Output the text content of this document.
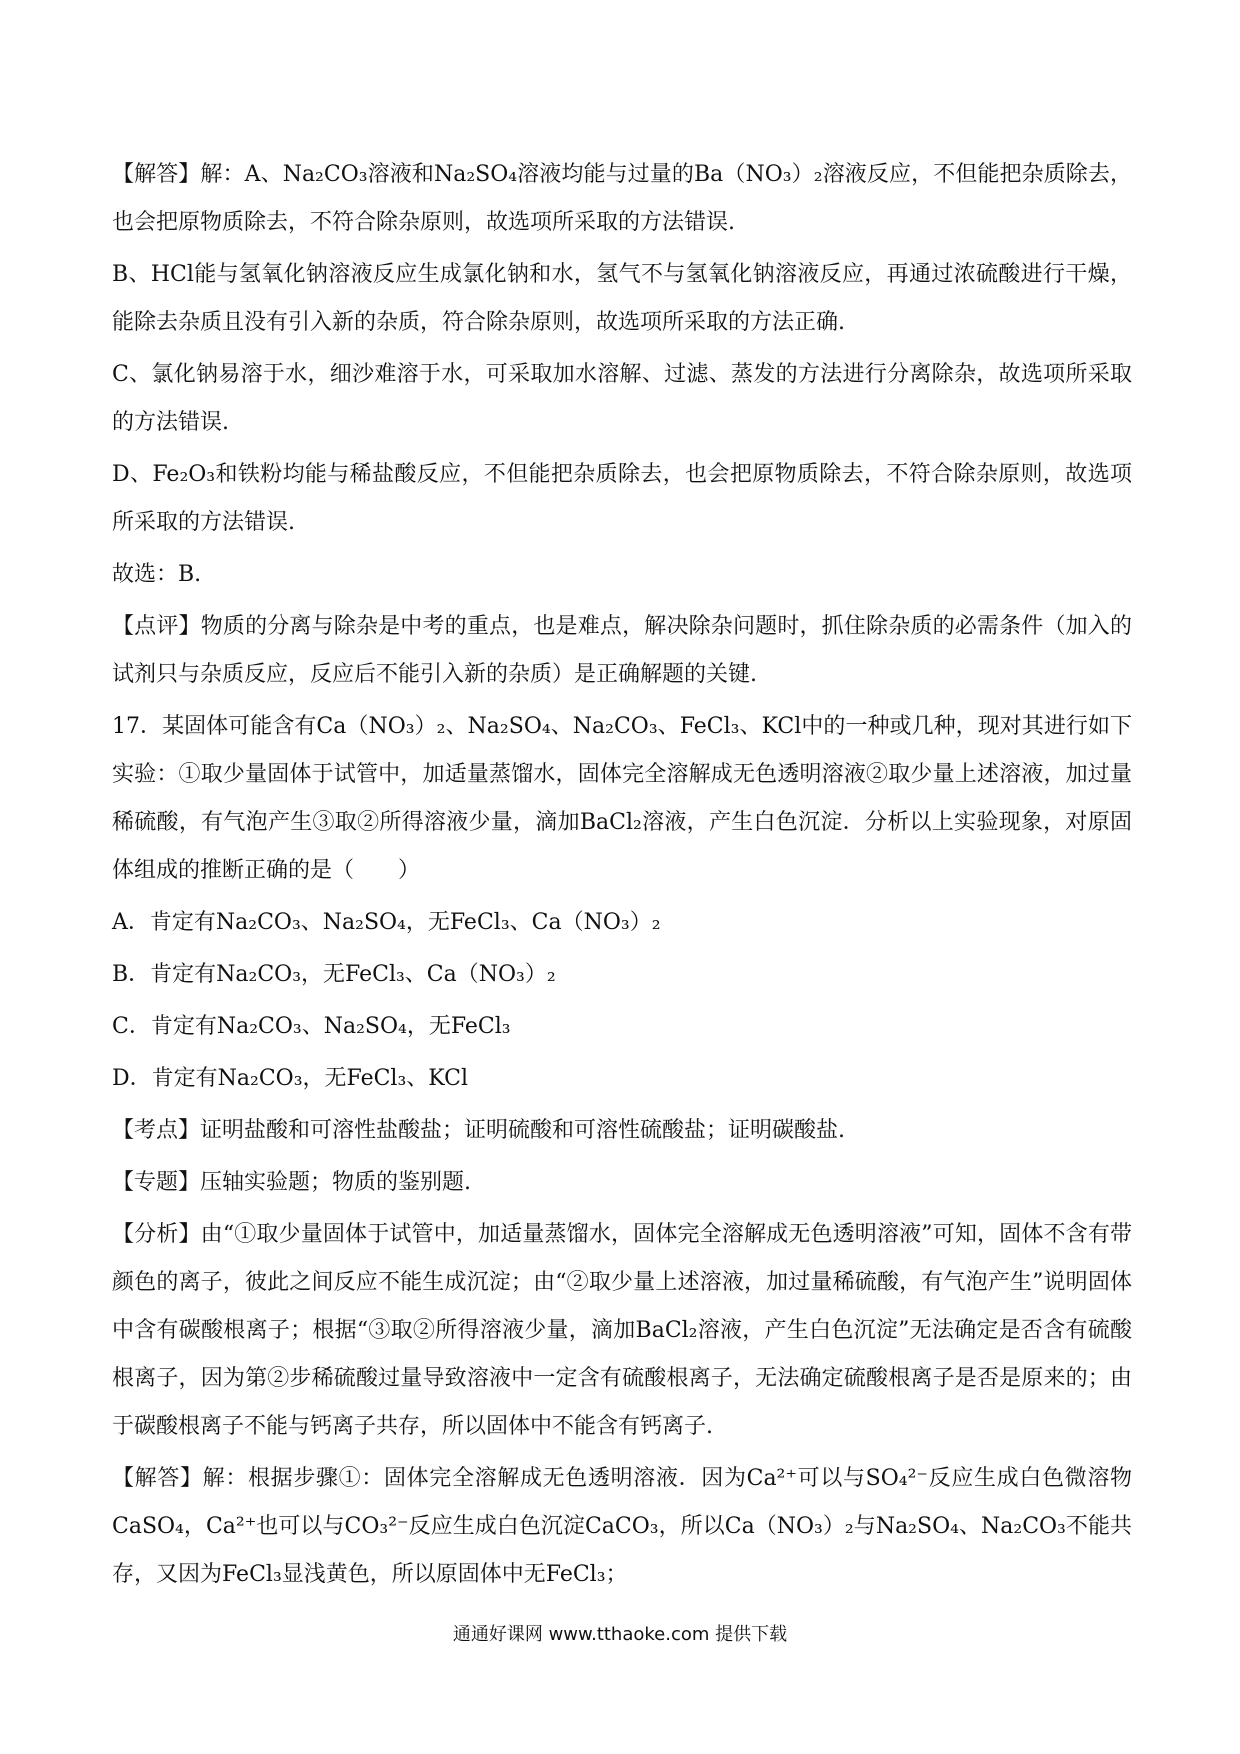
【解答】解：A、Na₂CO₃溶液和Na₂SO₄溶液均能与过量的Ba（NO₃）₂溶液反应，不但能把杂质除去，也会把原物质除去，不符合除杂原则，故选项所采取的方法错误.

B、HCl能与氢氧化钠溶液反应生成氯化钠和水，氢气不与氢氧化钠溶液反应，再通过浓硫酸进行干燥，能除去杂质且没有引入新的杂质，符合除杂原则，故选项所采取的方法正确.

C、氯化钠易溶于水，细沙难溶于水，可采取加水溶解、过滤、蒸发的方法进行分离除杂，故选项所采取的方法错误.

D、Fe₂O₃和铁粉均能与稀盐酸反应，不但能把杂质除去，也会把原物质除去，不符合除杂原则，故选项所采取的方法错误.

故选：B.

【点评】物质的分离与除杂是中考的重点，也是难点，解决除杂问题时，抓住除杂质的必需条件（加入的试剂只与杂质反应，反应后不能引入新的杂质）是正确解题的关键.

17．某固体可能含有Ca（NO₃）₂、Na₂SO₄、Na₂CO₃、FeCl₃、KCl中的一种或几种，现对其进行如下实验：①取少量固体于试管中，加适量蒸馏水，固体完全溶解成无色透明溶液②取少量上述溶液，加过量稀硫酸，有气泡产生③取②所得溶液少量，滴加BaCl₂溶液，产生白色沉淀．分析以上实验现象，对原固体组成的推断正确的是（　　）

A．肯定有Na₂CO₃、Na₂SO₄，无FeCl₃、Ca（NO₃）₂

B．肯定有Na₂CO₃，无FeCl₃、Ca（NO₃）₂

C．肯定有Na₂CO₃、Na₂SO₄，无FeCl₃

D．肯定有Na₂CO₃，无FeCl₃、KCl

【考点】证明盐酸和可溶性盐酸盐；证明硫酸和可溶性硫酸盐；证明碳酸盐.

【专题】压轴实验题；物质的鉴别题.

【分析】由“①取少量固体于试管中，加适量蒸馏水，固体完全溶解成无色透明溶液”可知，固体不含有带颜色的离子，彼此之间反应不能生成沉淀；由“②取少量上述溶液，加过量稀硫酸，有气泡产生”说明固体中含有碳酸根离子；根据“③取②所得溶液少量，滴加BaCl₂溶液，产生白色沉淀”无法确定是否含有硫酸根离子，因为第②步稀硫酸过量导致溶液中一定含有硫酸根离子，无法确定硫酸根离子是否是原来的；由于碳酸根离子不能与钙离子共存，所以固体中不能含有钙离子.

【解答】解：根据步骤①：固体完全溶解成无色透明溶液．因为Ca²⁺可以与SO₄²⁻反应生成白色微溶物CaSO₄，Ca²⁺也可以与CO₃²⁻反应生成白色沉淀CaCO₃，所以Ca（NO₃）₂与Na₂SO₄、Na₂CO₃不能共存，又因为FeCl₃显浅黄色，所以原固体中无FeCl₃；

通通好课网 www.tthaoke.com 提供下载
